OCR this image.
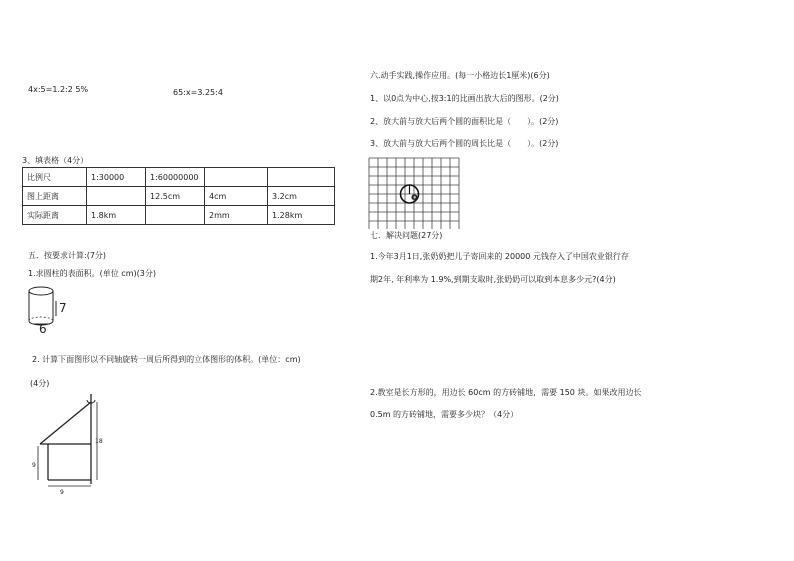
4x:5=1.2:2 5%	65:x=3.25:4
3、填表格（4分）
比例尺	1:30000	1:60000000		
图上距离		12.5cm	4cm	3.2cm
实际距离	1.8km		2mm	1.28km
五．按要求计算:(7分)
1.求圆柱的表面积。(单位 cm)(3分)
7
6
2. 计算下面图形以不同轴旋转一周后所得到的立体图形的体积。(单位：cm)
(4分)
18
9
9
六.动手实践,操作应用。(每一小格边长1厘米)(6分)
1、以0点为中心,按3:1的比画出放大后的图形。(2分)
2、放大前与放大后两个圆的面积比是（　　）。(2分)
3、放大前与放大后两个圆的周长比是（　　）。(2分)
o
七．解决问题(27分)
1.今年3月1日,张奶奶把儿子寄回来的 20000 元钱存入了中国农业银行存
期2年, 年利率为 1.9%,到期支取时,张奶奶可以取到本息多少元?(4分)
2.教室是长方形的，用边长 60cm 的方砖铺地，需要 150 块。如果改用边长
0.5m 的方砖铺地，需要多少块？（4分）
